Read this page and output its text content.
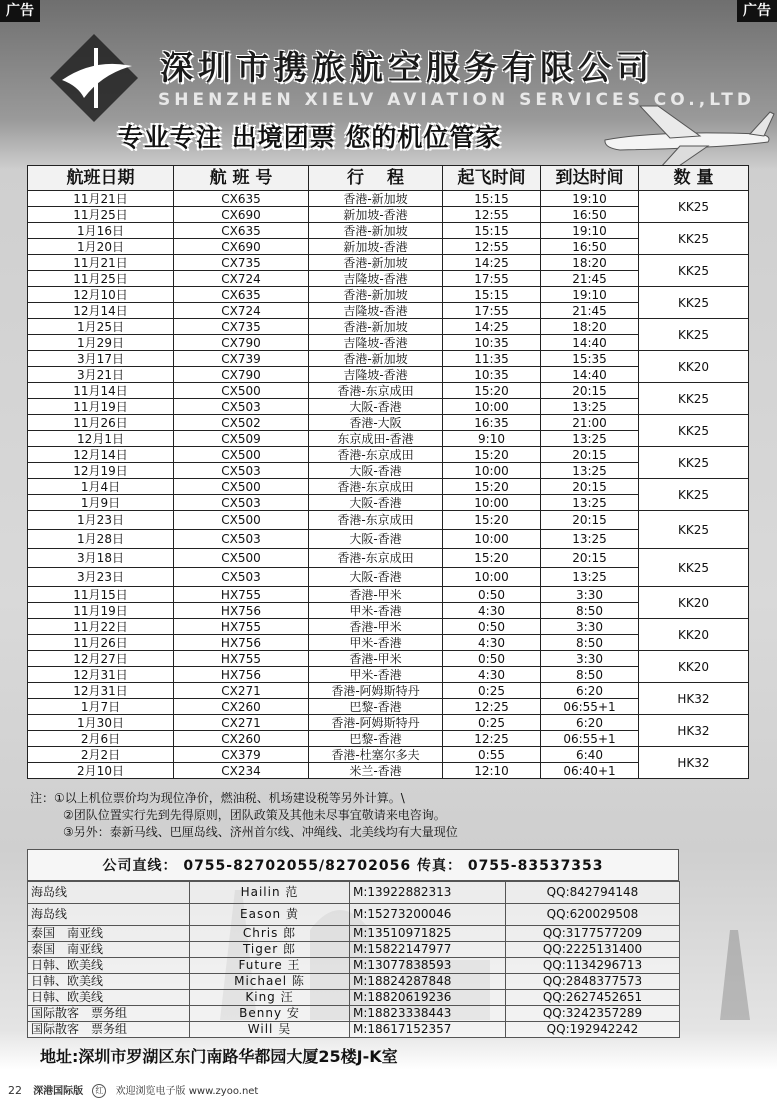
广告	广告
深圳市携旅航空服务有限公司
SHENZHEN XIELV AVIATION SERVICES CO.,LTD
专业专注 出境团票 您的机位管家
航班日期	航 班 号	行　 程	起飞时间	到达时间	数 量
11月21日	CX635	香港-新加坡	15:15	19:10	KK25
11月25日	CX690	新加坡-香港	12:55	16:50	
1月16日	CX635	香港-新加坡	15:15	19:10	KK25
1月20日	CX690	新加坡-香港	12:55	16:50	
11月21日	CX735	香港-新加坡	14:25	18:20	KK25
11月25日	CX724	吉隆坡-香港	17:55	21:45	
12月10日	CX635	香港-新加坡	15:15	19:10	KK25
12月14日	CX724	吉隆坡-香港	17:55	21:45	
1月25日	CX735	香港-新加坡	14:25	18:20	KK25
1月29日	CX790	吉隆坡-香港	10:35	14:40	
3月17日	CX739	香港-新加坡	11:35	15:35	KK20
3月21日	CX790	吉隆坡-香港	10:35	14:40	
11月14日	CX500	香港-东京成田	15:20	20:15	KK25
11月19日	CX503	大阪-香港	10:00	13:25	
11月26日	CX502	香港-大阪	16:35	21:00	KK25
12月1日	CX509	东京成田-香港	9:10	13:25	
12月14日	CX500	香港-东京成田	15:20	20:15	KK25
12月19日	CX503	大阪-香港	10:00	13:25	
1月4日	CX500	香港-东京成田	15:20	20:15	KK25
1月9日	CX503	大阪-香港	10:00	13:25	
1月23日	CX500	香港-东京成田	15:20	20:15	KK25
1月28日	CX503	大阪-香港	10:00	13:25	
3月18日	CX500	香港-东京成田	15:20	20:15	KK25
3月23日	CX503	大阪-香港	10:00	13:25	
11月15日	HX755	香港-甲米	0:50	3:30	KK20
11月19日	HX756	甲米-香港	4:30	8:50	
11月22日	HX755	香港-甲米	0:50	3:30	KK20
11月26日	HX756	甲米-香港	4:30	8:50	
12月27日	HX755	香港-甲米	0:50	3:30	KK20
12月31日	HX756	甲米-香港	4:30	8:50	
12月31日	CX271	香港-阿姆斯特丹	0:25	6:20	HK32
1月7日	CX260	巴黎-香港	12:25	06:55+1	
1月30日	CX271	香港-阿姆斯特丹	0:25	6:20	HK32
2月6日	CX260	巴黎-香港	12:25	06:55+1	
2月2日	CX379	香港-杜塞尔多夫	0:55	6:40	HK32
2月10日	CX234	米兰-香港	12:10	06:40+1	
注：①以上机位票价均为现位净价，燃油税、机场建设税等另外计算。\
②团队位置实行先到先得原则，团队政策及其他未尽事宜敬请来电咨询。
③另外：泰新马线、巴厘岛线、济州首尔线、冲绳线、北美线均有大量现位
公司直线： 0755-82702055/82702056 传真： 0755-83537353
海岛线	Hailin 范	M:13922882313	QQ:842794148
海岛线	Eason 黄	M:15273200046	QQ:620029508
泰国　南亚线	Chris 郎	M:13510971825	QQ:3177577209
泰国　南亚线	Tiger 郎	M:15822147977	QQ:2225131400
日韩、欧美线	Future 王	M:13077838593	QQ:1134296713
日韩、欧美线	Michael 陈	M:18824287848	QQ:2848377573
日韩、欧美线	King 汪	M:18820619236	QQ:2627452651
国际散客　票务组	Benny 安	M:18823338443	QQ:3242357289
国际散客　票务组	Will 吴	M:18617152357	QQ:192942242
地址:深圳市罗湖区东门南路华都园大厦25楼J-K室
22 深港国际版 红 欢迎浏览电子版 www.zyoo.net
